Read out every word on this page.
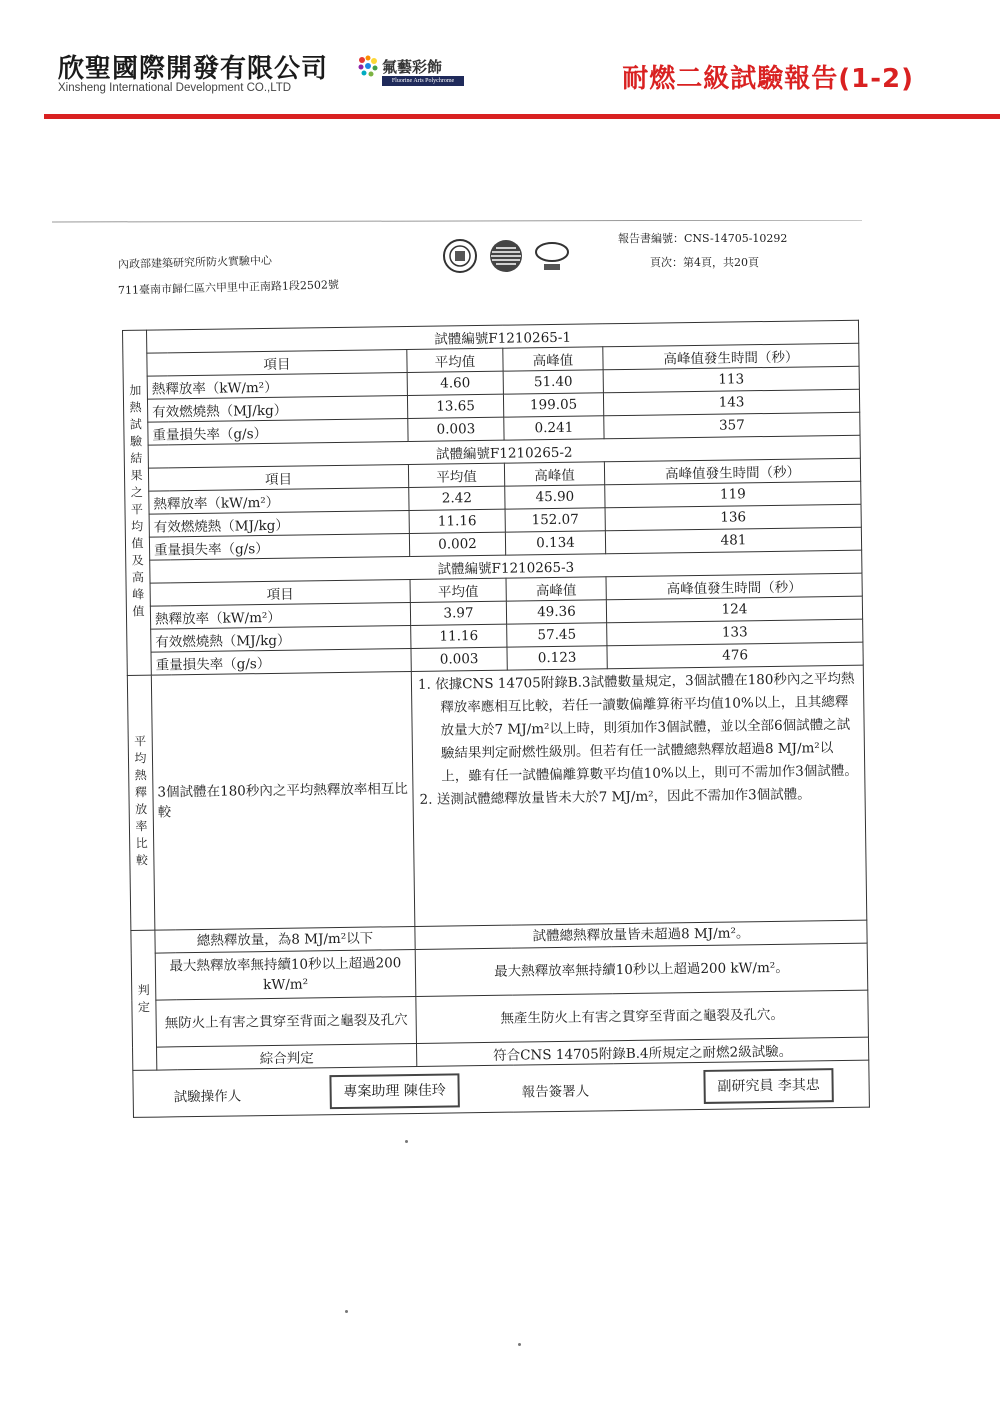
欣聖國際開發有限公司
Xinsheng International Development CO.,LTD
氟藝彩飾
Fluorine Arts Polychrome	耐燃二級試驗報告(1-2)
內政部建築研究所防火實驗中心
711臺南市歸仁區六甲里中正南路1段2502號
報告書編號：CNS-14705-10292
頁次：第4頁，共20頁
加熱試驗結果之平均值及高峰值	試體編號F1210265-1			
	項目	平均值	高峰值	高峰值發生時間（秒）
	熱釋放率（kW/m²）	4.60	51.40	113
	有效燃燒熱（MJ/kg）	13.65	199.05	143
	重量損失率（g/s）	0.003	0.241	357
	試體編號F1210265-2			
	項目	平均值	高峰值	高峰值發生時間（秒）
	熱釋放率（kW/m²）	2.42	45.90	119
	有效燃燒熱（MJ/kg）	11.16	152.07	136
	重量損失率（g/s）	0.002	0.134	481
	試體編號F1210265-3			
	項目	平均值	高峰值	高峰值發生時間（秒）
	熱釋放率（kW/m²）	3.97	49.36	124
	有效燃燒熱（MJ/kg）	11.16	57.45	133
	重量損失率（g/s）	0.003	0.123	476
平均熱釋放率比較	3個試體在180秒內之平均熱釋放率相互比較	1. 依據CNS 14705附錄B.3試體數量規定，3個試體在180秒內之平均熱釋放率應相互比較，若任一讀數偏離算術平均值10%以上，且其總釋放量大於7 MJ/m²以上時，則須加作3個試體，並以全部6個試體之試驗結果判定耐燃性級別。但若有任一試體總熱釋放超過8 MJ/m²以上，雖有任一試體偏離算數平均值10%以上，則可不需加作3個試體。
2. 送測試體總釋放量皆未大於7 MJ/m²，因此不需加作3個試體。		

判定	總熱釋放量，為8 MJ/m²以下	試體總熱釋放量皆未超過8 MJ/m²。		
	最大熱釋放率無持續10秒以上超過200 kW/m²	最大熱釋放率無持續10秒以上超過200 kW/m²。		
	無防火上有害之貫穿至背面之龜裂及孔穴	無產生防火上有害之貫穿至背面之龜裂及孔穴。		
	綜合判定	符合CNS 14705附錄B.4所規定之耐燃2級試驗。		

試驗操作人 專案助理 陳佳玲 報告簽署人 副研究員 李其忠				
